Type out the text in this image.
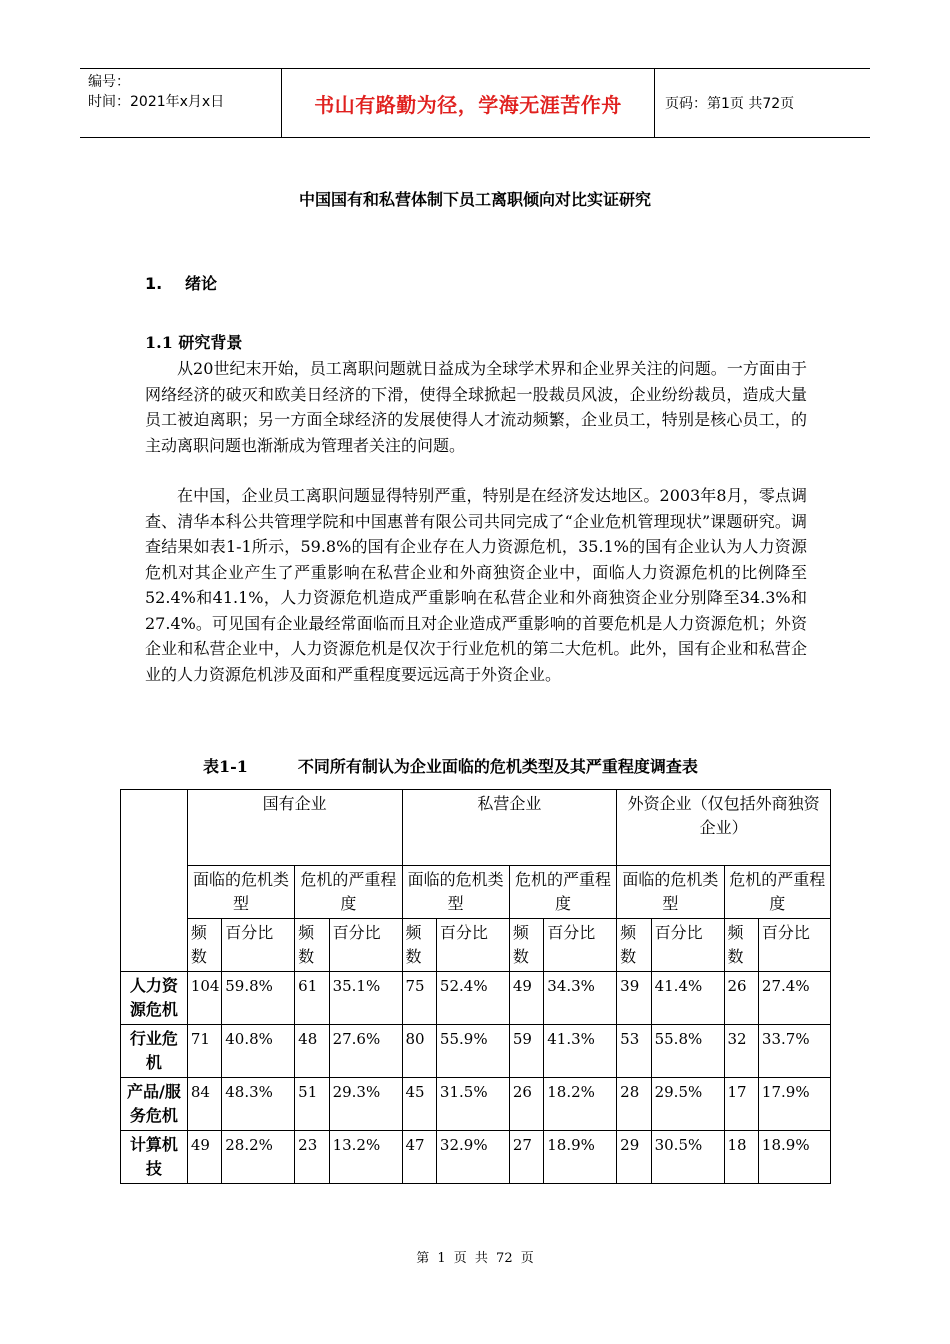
编号：
时间：2021年x月x日	书山有路勤为径，学海无涯苦作舟	页码：第1页 共72页
中国国有和私营体制下员工离职倾向对比实证研究
1. 绪论
1.1 研究背景

从20世纪末开始，员工离职问题就日益成为全球学术界和企业界关注的问题。一方面由于网络经济的破灭和欧美日经济的下滑，使得全球掀起一股裁员风波，企业纷纷裁员，造成大量员工被迫离职；另一方面全球经济的发展使得人才流动频繁，企业员工，特别是核心员工，的主动离职问题也渐渐成为管理者关注的问题。

在中国，企业员工离职问题显得特别严重，特别是在经济发达地区。2003年8月，零点调查、清华本科公共管理学院和中国惠普有限公司共同完成了“企业危机管理现状”课题研究。调查结果如表1-1所示，59.8%的国有企业存在人力资源危机，35.1%的国有企业认为人力资源危机对其企业产生了严重影响在私营企业和外商独资企业中，面临人力资源危机的比例降至52.4%和41.1%，人力资源危机造成严重影响在私营企业和外商独资企业分别降至34.3%和27.4%。可见国有企业最经常面临而且对企业造成严重影响的首要危机是人力资源危机；外资企业和私营企业中，人力资源危机是仅次于行业危机的第二大危机。此外，国有企业和私营企业的人力资源危机涉及面和严重程度要远远高于外资企业。

表1-1	不同所有制认为企业面临的危机类型及其严重程度调查表
	国有企业				私营企业				外资企业（仅包括外商独资企业）			
	面临的危机类型		危机的严重程度		面临的危机类型		危机的严重程度		面临的危机类型		危机的严重程度	
	频数	百分比	频数	百分比	频数	百分比	频数	百分比	频数	百分比	频数	百分比
人力资源危机	104	59.8%	61	35.1%	75	52.4%	49	34.3%	39	41.4%	26	27.4%
行业危机	71	40.8%	48	27.6%	80	55.9%	59	41.3%	53	55.8%	32	33.7%
产品/服务危机	84	48.3%	51	29.3%	45	31.5%	26	18.2%	28	29.5%	17	17.9%
计算机技	49	28.2%	23	13.2%	47	32.9%	27	18.9%	29	30.5%	18	18.9%
第 1 页 共 72 页
